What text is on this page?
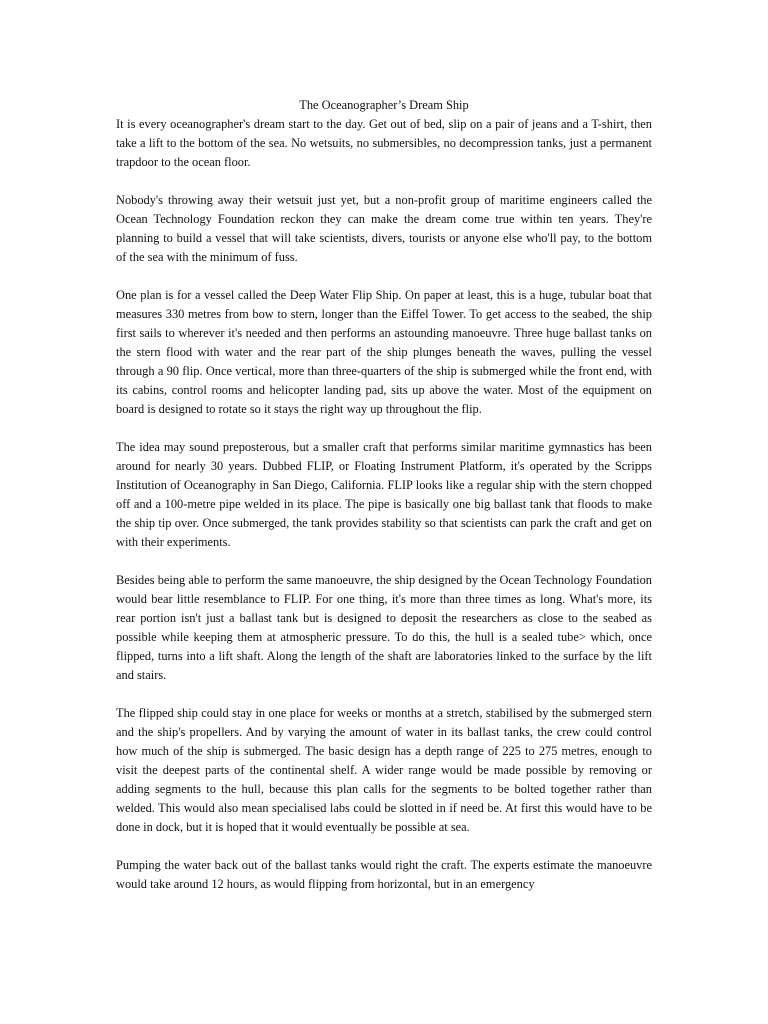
The Oceanographer’s Dream Ship

It is every oceanographer's dream start to the day. Get out of bed, slip on a pair of jeans and a T-shirt, then take a lift to the bottom of the sea. No wetsuits, no submersibles, no decompression tanks, just a permanent trapdoor to the ocean floor.

Nobody's throwing away their wetsuit just yet, but a non-profit group of maritime engineers called the Ocean Technology Foundation reckon they can make the dream come true within ten years. They're planning to build a vessel that will take scientists, divers, tourists or anyone else who'll pay, to the bottom of the sea with the minimum of fuss.

One plan is for a vessel called the Deep Water Flip Ship. On paper at least, this is a huge, tubular boat that measures 330 metres from bow to stern, longer than the Eiffel Tower. To get access to the seabed, the ship first sails to wherever it's needed and then performs an astounding manoeuvre. Three huge ballast tanks on the stern flood with water and the rear part of the ship plunges beneath the waves, pulling the vessel through a 90 flip. Once vertical, more than three-quarters of the ship is submerged while the front end, with its cabins, control rooms and helicopter landing pad, sits up above the water. Most of the equipment on board is designed to rotate so it stays the right way up throughout the flip.

The idea may sound preposterous, but a smaller craft that performs similar maritime gymnastics has been around for nearly 30 years. Dubbed FLIP, or Floating Instrument Platform, it's operated by the Scripps Institution of Oceanography in San Diego, California. FLIP looks like a regular ship with the stern chopped off and a 100-metre pipe welded in its place. The pipe is basically one big ballast tank that floods to make the ship tip over. Once submerged, the tank provides stability so that scientists can park the craft and get on with their experiments.

Besides being able to perform the same manoeuvre, the ship designed by the Ocean Technology Foundation would bear little resemblance to FLIP. For one thing, it's more than three times as long. What's more, its rear portion isn't just a ballast tank but is designed to deposit the researchers as close to the seabed as possible while keeping them at atmospheric pressure. To do this, the hull is a sealed tube> which, once flipped, turns into a lift shaft. Along the length of the shaft are laboratories linked to the surface by the lift and stairs.

The flipped ship could stay in one place for weeks or months at a stretch, stabilised by the submerged stern and the ship's propellers. And by varying the amount of water in its ballast tanks, the crew could control how much of the ship is submerged. The basic design has a depth range of 225 to 275 metres, enough to visit the deepest parts of the continental shelf. A wider range would be made possible by removing or adding segments to the hull, because this plan calls for the segments to be bolted together rather than welded. This would also mean specialised labs could be slotted in if need be. At first this would have to be done in dock, but it is hoped that it would eventually be possible at sea.

Pumping the water back out of the ballast tanks would right the craft. The experts estimate the manoeuvre would take around 12 hours, as would flipping from horizontal, but in an emergency
